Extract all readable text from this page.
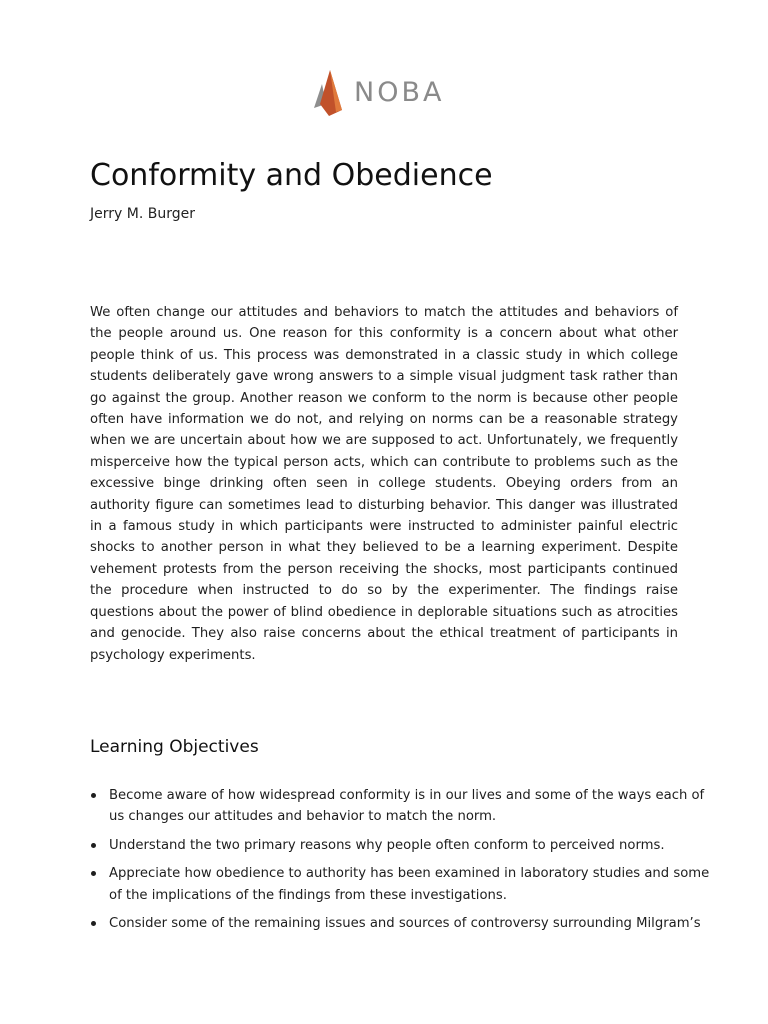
NOBA
Conformity and Obedience

Jerry M. Burger

We often change our attitudes and behaviors to match the attitudes and behaviors of the people around us. One reason for this conformity is a concern about what other people think of us. This process was demonstrated in a classic study in which college students deliberately gave wrong answers to a simple visual judgment task rather than go against the group. Another reason we conform to the norm is because other people often have information we do not, and relying on norms can be a reasonable strategy when we are uncertain about how we are supposed to act. Unfortunately, we frequently misperceive how the typical person acts, which can contribute to problems such as the excessive binge drinking often seen in college students. Obeying orders from an authority figure can sometimes lead to disturbing behavior. This danger was illustrated in a famous study in which participants were instructed to administer painful electric shocks to another person in what they believed to be a learning experiment. Despite vehement protests from the person receiving the shocks, most participants continued the procedure when instructed to do so by the experimenter. The findings raise questions about the power of blind obedience in deplorable situations such as atrocities and genocide. They also raise concerns about the ethical treatment of participants in psychology experiments.

Learning Objectives
Become aware of how widespread conformity is in our lives and some of the ways each of
us changes our attitudes and behavior to match the norm.
Understand the two primary reasons why people often conform to perceived norms.
Appreciate how obedience to authority has been examined in laboratory studies and some
of the implications of the findings from these investigations.
Consider some of the remaining issues and sources of controversy surrounding Milgram’s
